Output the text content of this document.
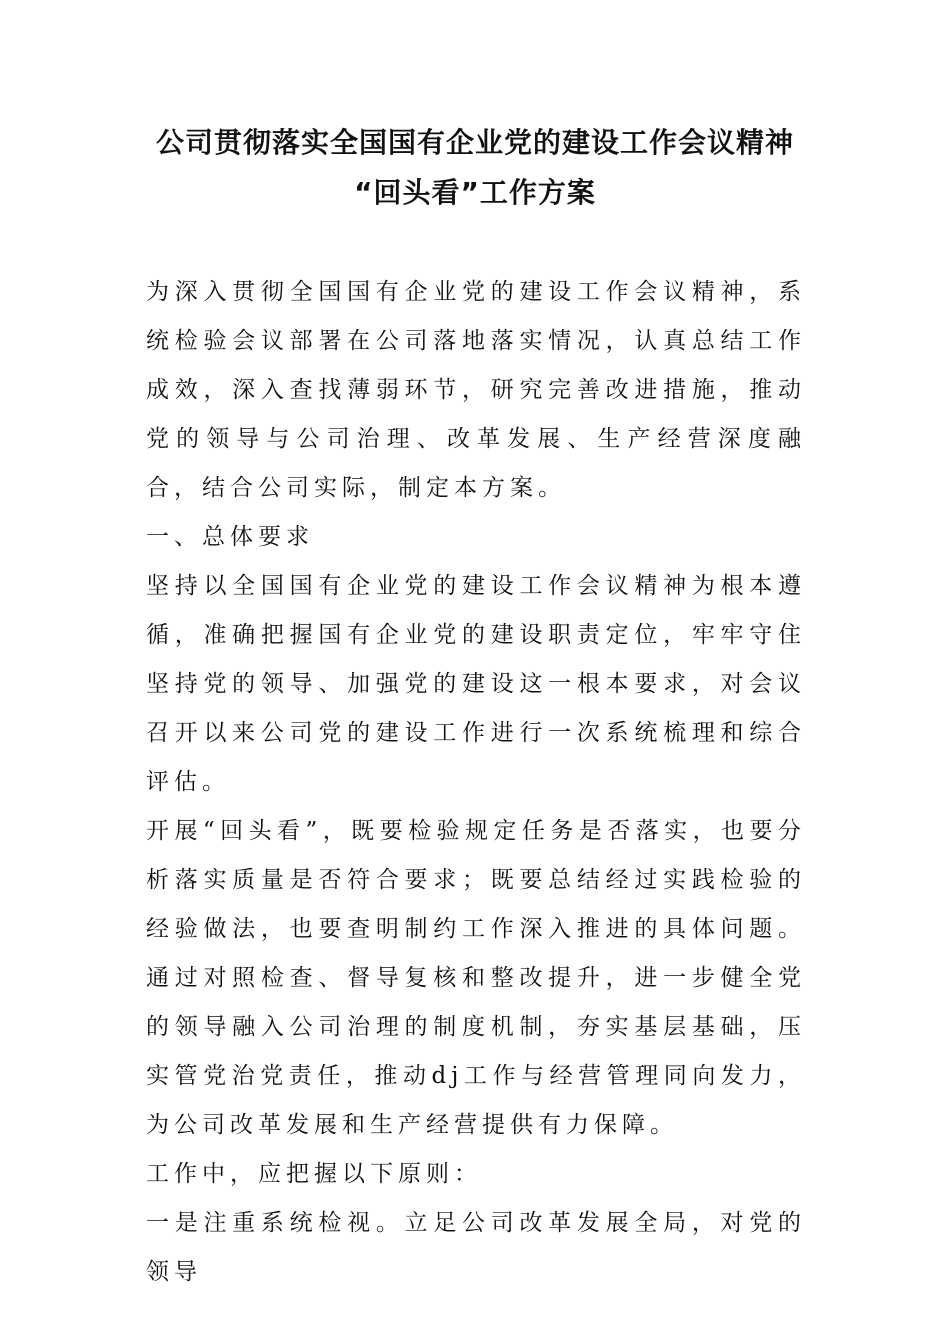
公司贯彻落实全国国有企业党的建设工作会议精神
“回头看”工作方案

为深入贯彻全国国有企业党的建设工作会议精神，系统检验会议部署在公司落地落实情况，认真总结工作成效，深入查找薄弱环节，研究完善改进措施，推动党的领导与公司治理、改革发展、生产经营深度融合，结合公司实际，制定本方案。

一、总体要求

坚持以全国国有企业党的建设工作会议精神为根本遵循，准确把握国有企业党的建设职责定位，牢牢守住坚持党的领导、加强党的建设这一根本要求，对会议召开以来公司党的建设工作进行一次系统梳理和综合评估。

开展“回头看”，既要检验规定任务是否落实，也要分析落实质量是否符合要求；既要总结经过实践检验的经验做法，也要查明制约工作深入推进的具体问题。通过对照检查、督导复核和整改提升，进一步健全党的领导融入公司治理的制度机制，夯实基层基础，压实管党治党责任，推动dj工作与经营管理同向发力，为公司改革发展和生产经营提供有力保障。

工作中，应把握以下原则：

一是注重系统检视。立足公司改革发展全局，对党的领导
